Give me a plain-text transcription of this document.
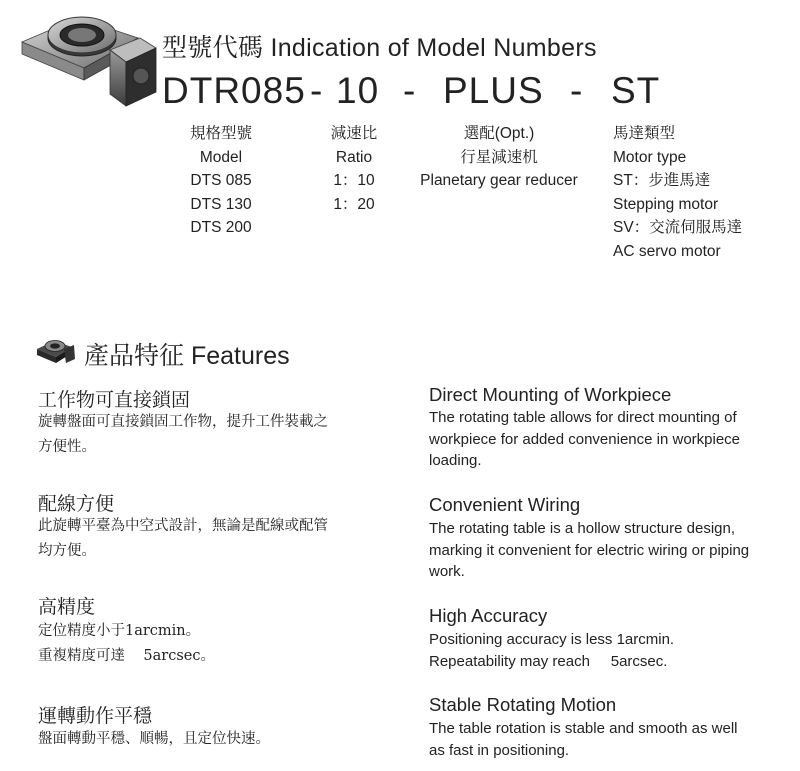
型號代碼 Indication of Model Numbers
DTR085 - 10 - PLUS - ST
規格型號
Model
DTS 085
DTS 130
DTS 200
減速比
Ratio
1：10
1：20
選配(Opt.)
行星減速机
Planetary gear reducer
馬達類型
Motor type
ST：步進馬達
Stepping motor
SV：交流伺服馬達
AC servo motor
產品特征 Features
工作物可直接鎖固
旋轉盤面可直接鎖固工作物，提升工件裝載之
方便性。
Direct Mounting of Workpiece
The rotating table allows for direct mounting of
workpiece for added convenience in workpiece
loading.
配線方便
此旋轉平臺為中空式設計，無論是配線或配管
均方便。
Convenient Wiring
The rotating table is a hollow structure design,
marking it convenient for electric wiring or piping
work.
高精度
定位精度小于1arcmin。
重複精度可達    5arcsec。
High Accuracy
Positioning accuracy is less 1arcmin.
Repeatability may reach     5arcsec.
運轉動作平穩
盤面轉動平穩、順暢，且定位快速。
Stable Rotating Motion
The table rotation is stable and smooth as well
as fast in positioning.
